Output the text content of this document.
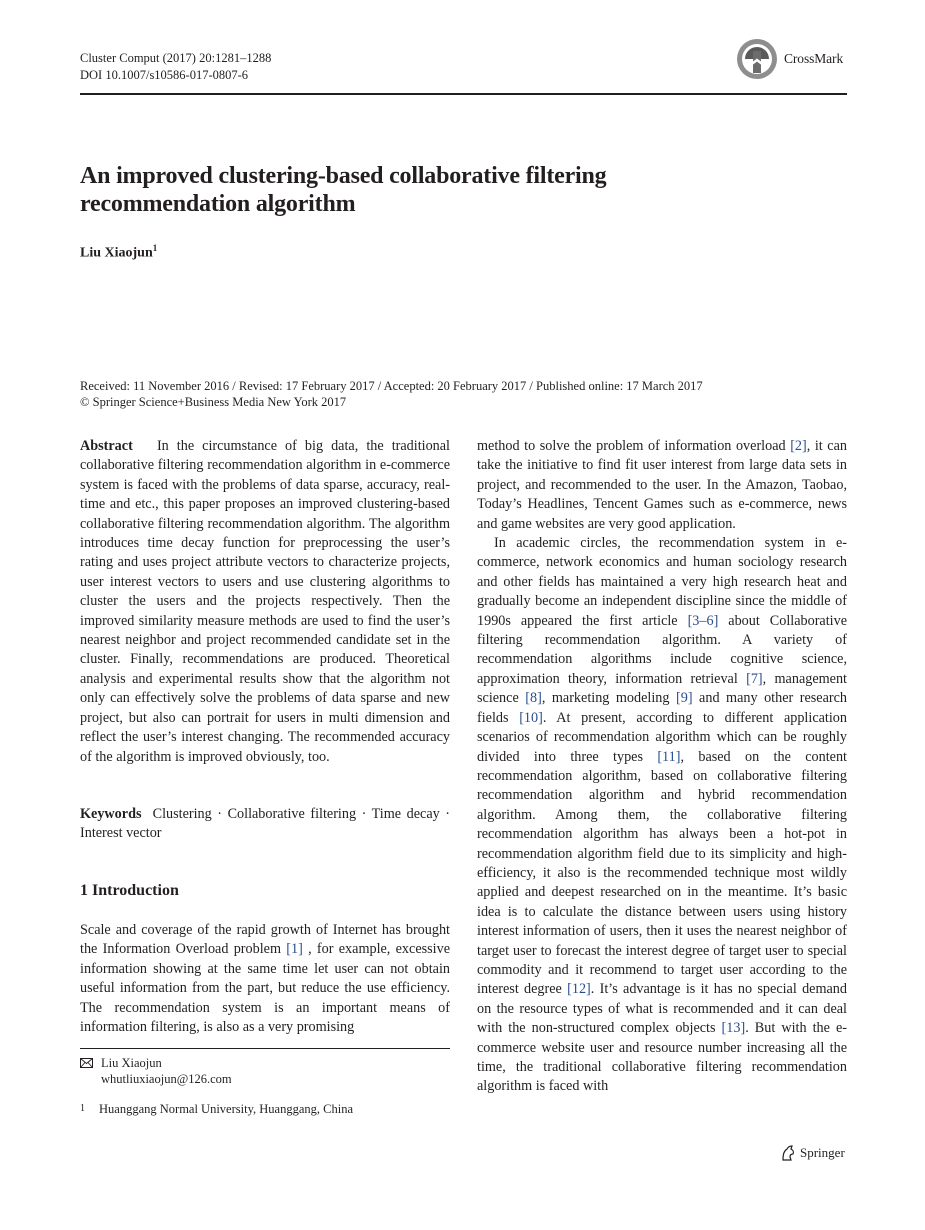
Cluster Comput (2017) 20:1281–1288
DOI 10.1007/s10586-017-0807-6
CrossMark
An improved clustering-based collaborative filtering recommendation algorithm
Liu Xiaojun$^1$
Received: 11 November 2016 / Revised: 17 February 2017 / Accepted: 20 February 2017 / Published online: 17 March 2017
© Springer Science+Business Media New York 2017

Abstract In the circumstance of big data, the traditional collaborative filtering recommendation algorithm in e-commerce system is faced with the problems of data sparse, accuracy, real-time and etc., this paper proposes an improved clustering-based collaborative filtering recommendation algorithm. The algorithm introduces time decay function for preprocessing the user’s rating and uses project attribute vectors to characterize projects, user interest vectors to users and use clustering algorithms to cluster the users and the projects respectively. Then the improved similarity measure methods are used to find the user’s nearest neighbor and project recommended candidate set in the cluster. Finally, recommendations are produced. Theoretical analysis and experimental results show that the algorithm not only can effectively solve the problems of data sparse and new project, but also can portrait for users in multi dimension and reflect the user’s interest changing. The recommended accuracy of the algorithm is improved obviously, too.

Keywords Clustering · Collaborative filtering · Time decay · Interest vector

1 Introduction

Scale and coverage of the rapid growth of Internet has brought the Information Overload problem [1] , for example, excessive information showing at the same time let user can not obtain useful information from the part, but reduce the use efficiency. The recommendation system is an important means of information filtering, is also as a very promising

Liu Xiaojun
whutliuxiaojun@126.com
1 Huanggang Normal University, Huanggang, China

method to solve the problem of information overload [2], it can take the initiative to find fit user interest from large data sets in project, and recommended to the user. In the Amazon, Taobao, Today’s Headlines, Tencent Games such as e-commerce, news and game websites are very good application.

In academic circles, the recommendation system in e-commerce, network economics and human sociology research and other fields has maintained a very high research heat and gradually become an independent discipline since the middle of 1990s appeared the first article [3–6] about Collaborative filtering recommendation algorithm. A variety of recommendation algorithms include cognitive science, approximation theory, information retrieval [7], management science [8], marketing modeling [9] and many other research fields [10]. At present, according to different application scenarios of recommendation algorithm which can be roughly divided into three types [11], based on the content recommendation algorithm, based on collaborative filtering recommendation algorithm and hybrid recommendation algorithm. Among them, the collaborative filtering recommendation algorithm has always been a hot-pot in recommendation algorithm field due to its simplicity and high-efficiency, it also is the recommended technique most wildly applied and deepest researched on in the meantime. It’s basic idea is to calculate the distance between users using history interest information of users, then it uses the nearest neighbor of target user to forecast the interest degree of target user to special commodity and it recommend to target user according to the interest degree [12]. It’s advantage is it has no special demand on the resource types of what is recommended and it can deal with the non-structured complex objects [13]. But with the e-commerce website user and resource number increasing all the time, the traditional collaborative filtering recommendation algorithm is faced with

Springer
